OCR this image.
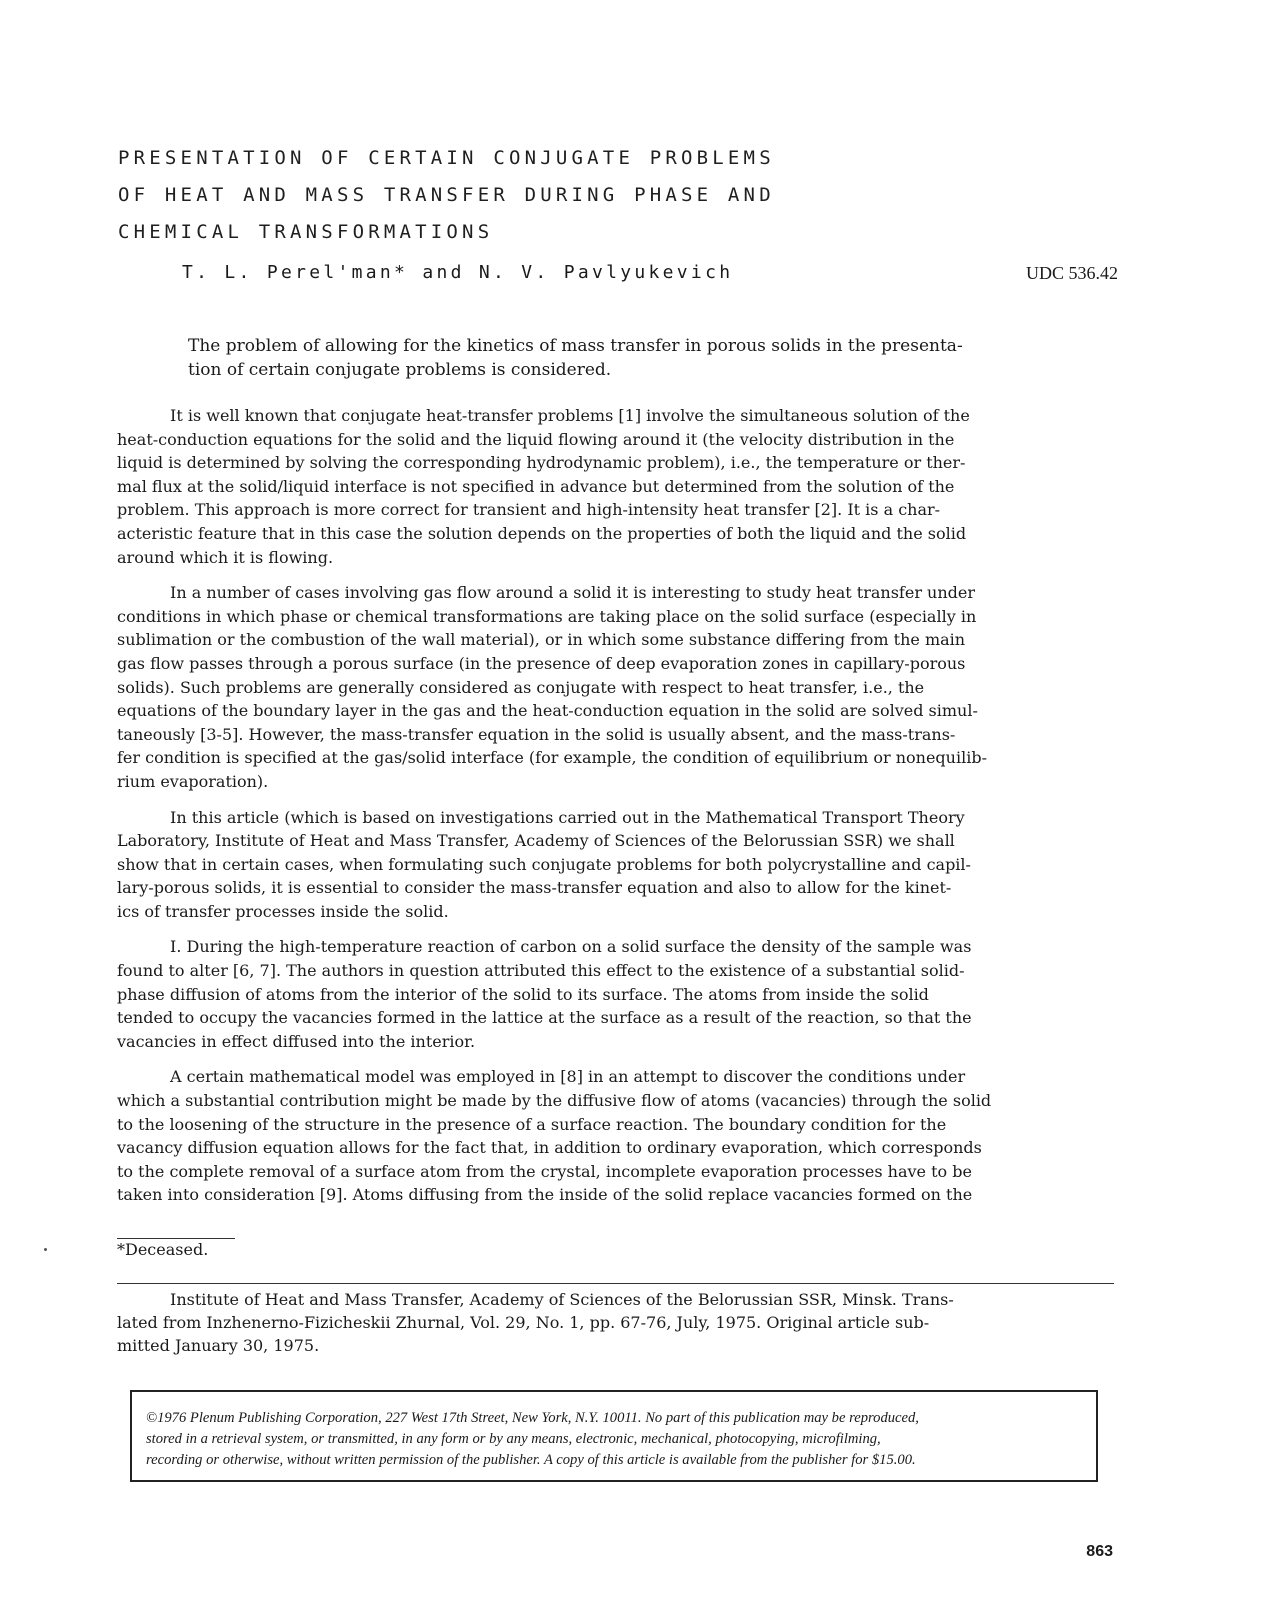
PRESENTATION OF CERTAIN CONJUGATE PROBLEMS
OF HEAT AND MASS TRANSFER DURING PHASE AND
CHEMICAL TRANSFORMATIONS
T. L. Perel'man* and N. V. Pavlyukevich	UDC 536.42
The problem of allowing for the kinetics of mass transfer in porous solids in the presenta-
tion of certain conjugate problems is considered.
It is well known that conjugate heat-transfer problems [1] involve the simultaneous solution of the
heat-conduction equations for the solid and the liquid flowing around it (the velocity distribution in the
liquid is determined by solving the corresponding hydrodynamic problem), i.e., the temperature or ther-
mal flux at the solid/liquid interface is not specified in advance but determined from the solution of the
problem. This approach is more correct for transient and high-intensity heat transfer [2]. It is a char-
acteristic feature that in this case the solution depends on the properties of both the liquid and the solid
around which it is flowing.
In a number of cases involving gas flow around a solid it is interesting to study heat transfer under
conditions in which phase or chemical transformations are taking place on the solid surface (especially in
sublimation or the combustion of the wall material), or in which some substance differing from the main
gas flow passes through a porous surface (in the presence of deep evaporation zones in capillary-porous
solids). Such problems are generally considered as conjugate with respect to heat transfer, i.e., the
equations of the boundary layer in the gas and the heat-conduction equation in the solid are solved simul-
taneously [3-5]. However, the mass-transfer equation in the solid is usually absent, and the mass-trans-
fer condition is specified at the gas/solid interface (for example, the condition of equilibrium or nonequilib-
rium evaporation).
In this article (which is based on investigations carried out in the Mathematical Transport Theory
Laboratory, Institute of Heat and Mass Transfer, Academy of Sciences of the Belorussian SSR) we shall
show that in certain cases, when formulating such conjugate problems for both polycrystalline and capil-
lary-porous solids, it is essential to consider the mass-transfer equation and also to allow for the kinet-
ics of transfer processes inside the solid.
I. During the high-temperature reaction of carbon on a solid surface the density of the sample was
found to alter [6, 7]. The authors in question attributed this effect to the existence of a substantial solid-
phase diffusion of atoms from the interior of the solid to its surface. The atoms from inside the solid
tended to occupy the vacancies formed in the lattice at the surface as a result of the reaction, so that the
vacancies in effect diffused into the interior.
A certain mathematical model was employed in [8] in an attempt to discover the conditions under
which a substantial contribution might be made by the diffusive flow of atoms (vacancies) through the solid
to the loosening of the structure in the presence of a surface reaction. The boundary condition for the
vacancy diffusion equation allows for the fact that, in addition to ordinary evaporation, which corresponds
to the complete removal of a surface atom from the crystal, incomplete evaporation processes have to be
taken into consideration [9]. Atoms diffusing from the inside of the solid replace vacancies formed on the
*Deceased.
Institute of Heat and Mass Transfer, Academy of Sciences of the Belorussian SSR, Minsk. Trans-
lated from Inzhenerno-Fizicheskii Zhurnal, Vol. 29, No. 1, pp. 67-76, July, 1975. Original article sub-
mitted January 30, 1975.
©1976 Plenum Publishing Corporation, 227 West 17th Street, New York, N.Y. 10011. No part of this publication may be reproduced,
stored in a retrieval system, or transmitted, in any form or by any means, electronic, mechanical, photocopying, microfilming,
recording or otherwise, without written permission of the publisher. A copy of this article is available from the publisher for $15.00.
863
